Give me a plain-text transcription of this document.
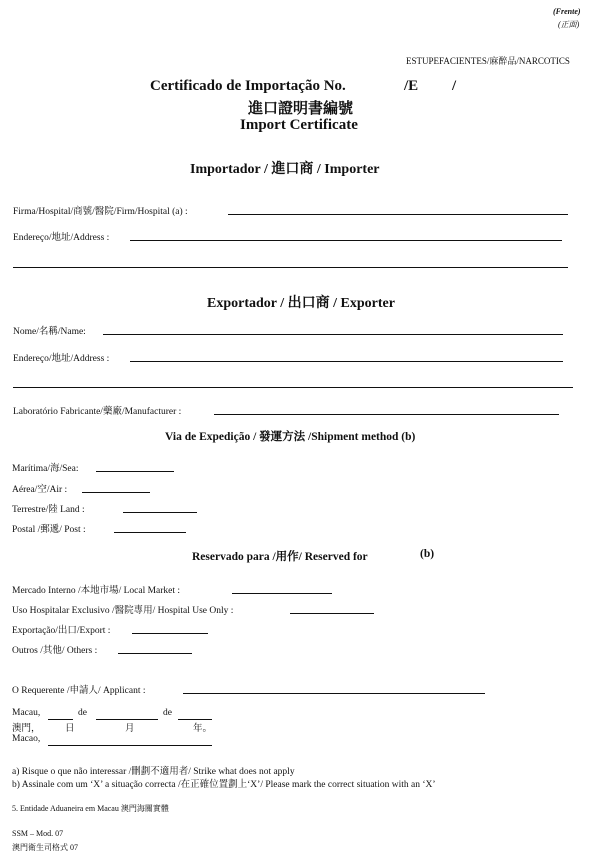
(Frente)
(正面)
ESTUPEFACIENTES/麻醉品/NARCOTICS
Certificado de Importação No.	/E /
進口證明書編號
Import Certificate
Importador / 進口商 / Importer
Firma/Hospital/商號/醫院/Firm/Hospital (a) :
Endereço/地址/Address :
Exportador / 出口商 / Exporter
Nome/名稱/Name:
Endereço/地址/Address :
Laboratório Fabricante/藥廠/Manufacturer :
Via de Expedição / 發運方法 /Shipment method (b)
Marítima/海/Sea:
Aérea/空/Air :
Terrestre/陸 Land :
Postal /郵遞/ Post :
Reservado para /用作/ Reserved for	(b)
Mercado Interno /本地市場/ Local Market :
Uso Hospitalar Exclusivo /醫院專用/ Hospital Use Only :
Exportação/出口/Export :
Outros /其他/ Others :
O Requerente /申請人/ Applicant :
Macau,	de	de
澳門，	日	月	年。
Macao,
a) Risque o que não interessar /刪劃不適用者/ Strike what does not apply
b) Assinale com um ‘X’ a situação correcta /在正確位置劃上‘X’/ Please mark the correct situation with an ‘X’
5. Entidade Aduaneira em Macau 澳門海關實體
SSM – Mod. 07
澳門衛生司格式 07
